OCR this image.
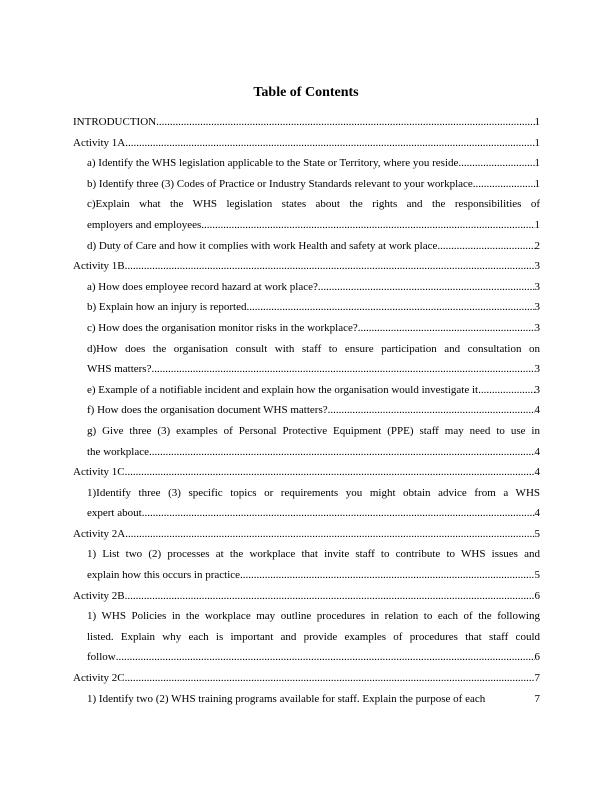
Table of Contents
INTRODUCTION .....	1
Activity 1A .....	1
a) Identify the WHS legislation applicable to the State or Territory, where you reside. .....	1
b) Identify three (3) Codes of Practice or Industry Standards relevant to your workplace .....	1
c)Explain what the WHS legislation states about the rights and the responsibilities of
employers and employees .....	1
d) Duty of Care and how it complies with work Health and safety at work place .....	2
Activity 1B .....	3
a) How does employee record hazard at work place? .....	3
b) Explain how an injury is reported .....	3
c) How does the organisation monitor risks in the workplace? .....	3
d)How does the organisation consult with staff to ensure participation and consultation on
WHS matters? .....	3
e) Example of a notifiable incident and explain how the organisation would investigate it. .....	3
f) How does the organisation document WHS matters? .....	4
g) Give three (3) examples of Personal Protective Equipment (PPE) staff may need to use in
the workplace .....	4
Activity 1C .....	4
1)Identify three (3) specific topics or requirements you might obtain advice from a WHS
expert about .....	4
Activity 2A .....	5
1) List two (2) processes at the workplace that invite staff to contribute to WHS issues and
explain how this occurs in practice .....	5
Activity 2B .....	6
1) WHS Policies in the workplace may outline procedures in relation to each of the following
listed. Explain why each is important and provide examples of procedures that staff could
follow .....	6
Activity 2C .....	7
1) Identify two (2) WHS training programs available for staff. Explain the purpose of each	7
